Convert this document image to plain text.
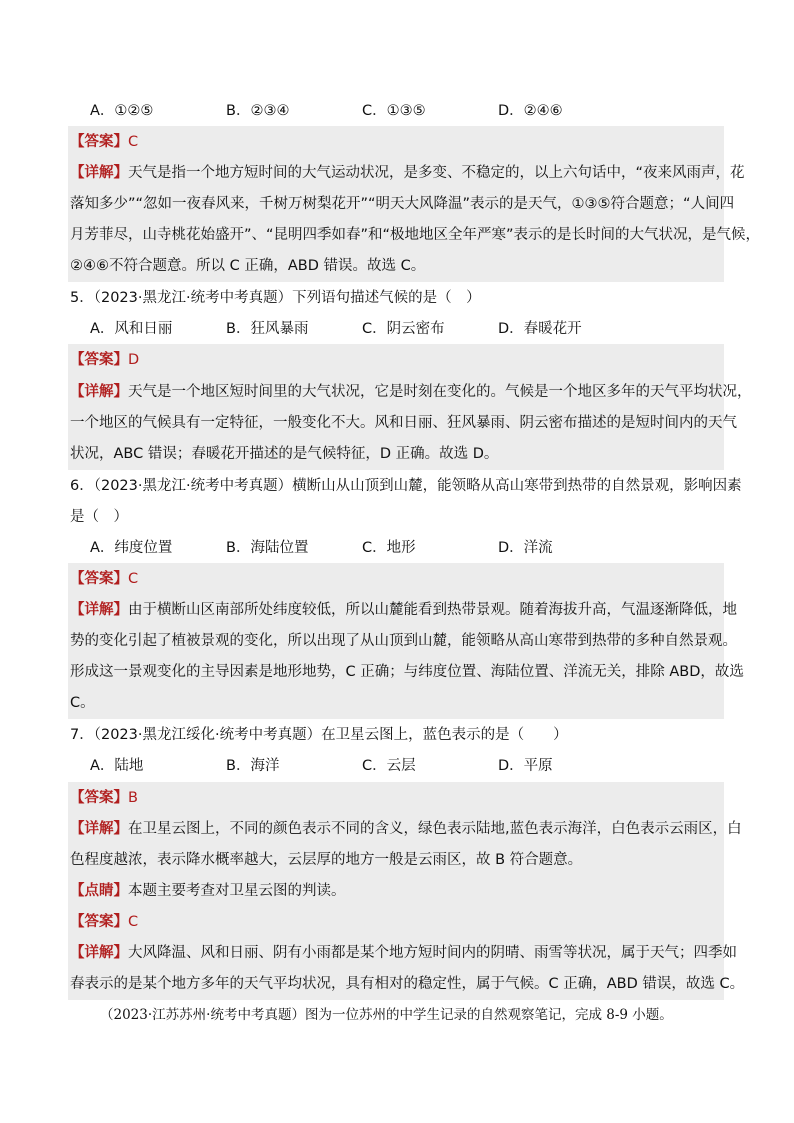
A．①②⑤	B．②③④	C．①③⑤	D．②④⑥
【答案】C
【详解】天气是指一个地方短时间的大气运动状况，是多变、不稳定的，以上六句话中，“夜来风雨声，花
落知多少”“忽如一夜春风来，千树万树梨花开”“明天大风降温”表示的是天气，①③⑤符合题意；“人间四
月芳菲尽，山寺桃花始盛开”、“昆明四季如春”和“极地地区全年严寒”表示的是长时间的大气状况，是气候，
②④⑥不符合题意。所以 C 正确，ABD 错误。故选 C。
5．（2023·黑龙江·统考中考真题）下列语句描述气候的是（　）
A．风和日丽	B．狂风暴雨	C．阴云密布	D．春暖花开
【答案】D
【详解】天气是一个地区短时间里的大气状况，它是时刻在变化的。气候是一个地区多年的天气平均状况，
一个地区的气候具有一定特征，一般变化不大。风和日丽、狂风暴雨、阴云密布描述的是短时间内的天气
状况，ABC 错误；春暖花开描述的是气候特征，D 正确。故选 D。
6．（2023·黑龙江·统考中考真题）横断山从山顶到山麓，能领略从高山寒带到热带的自然景观，影响因素
是（　）
A．纬度位置	B．海陆位置	C．地形	D．洋流
【答案】C
【详解】由于横断山区南部所处纬度较低，所以山麓能看到热带景观。随着海拔升高，气温逐渐降低，地
势的变化引起了植被景观的变化，所以出现了从山顶到山麓，能领略从高山寒带到热带的多种自然景观。
形成这一景观变化的主导因素是地形地势，C 正确；与纬度位置、海陆位置、洋流无关，排除 ABD，故选
C。
7．（2023·黑龙江绥化·统考中考真题）在卫星云图上，蓝色表示的是（　　）
A．陆地	B．海洋	C．云层	D．平原
【答案】B
【详解】在卫星云图上，不同的颜色表示不同的含义，绿色表示陆地,蓝色表示海洋，白色表示云雨区，白
色程度越浓，表示降水概率越大，云层厚的地方一般是云雨区，故 B 符合题意。
【点睛】本题主要考查对卫星云图的判读。
【答案】C
【详解】大风降温、风和日丽、阴有小雨都是某个地方短时间内的阴晴、雨雪等状况，属于天气；四季如
春表示的是某个地方多年的天气平均状况，具有相对的稳定性，属于气候。C 正确，ABD 错误，故选 C。
（2023·江苏苏州·统考中考真题）图为一位苏州的中学生记录的自然观察笔记，完成 8-9 小题。
